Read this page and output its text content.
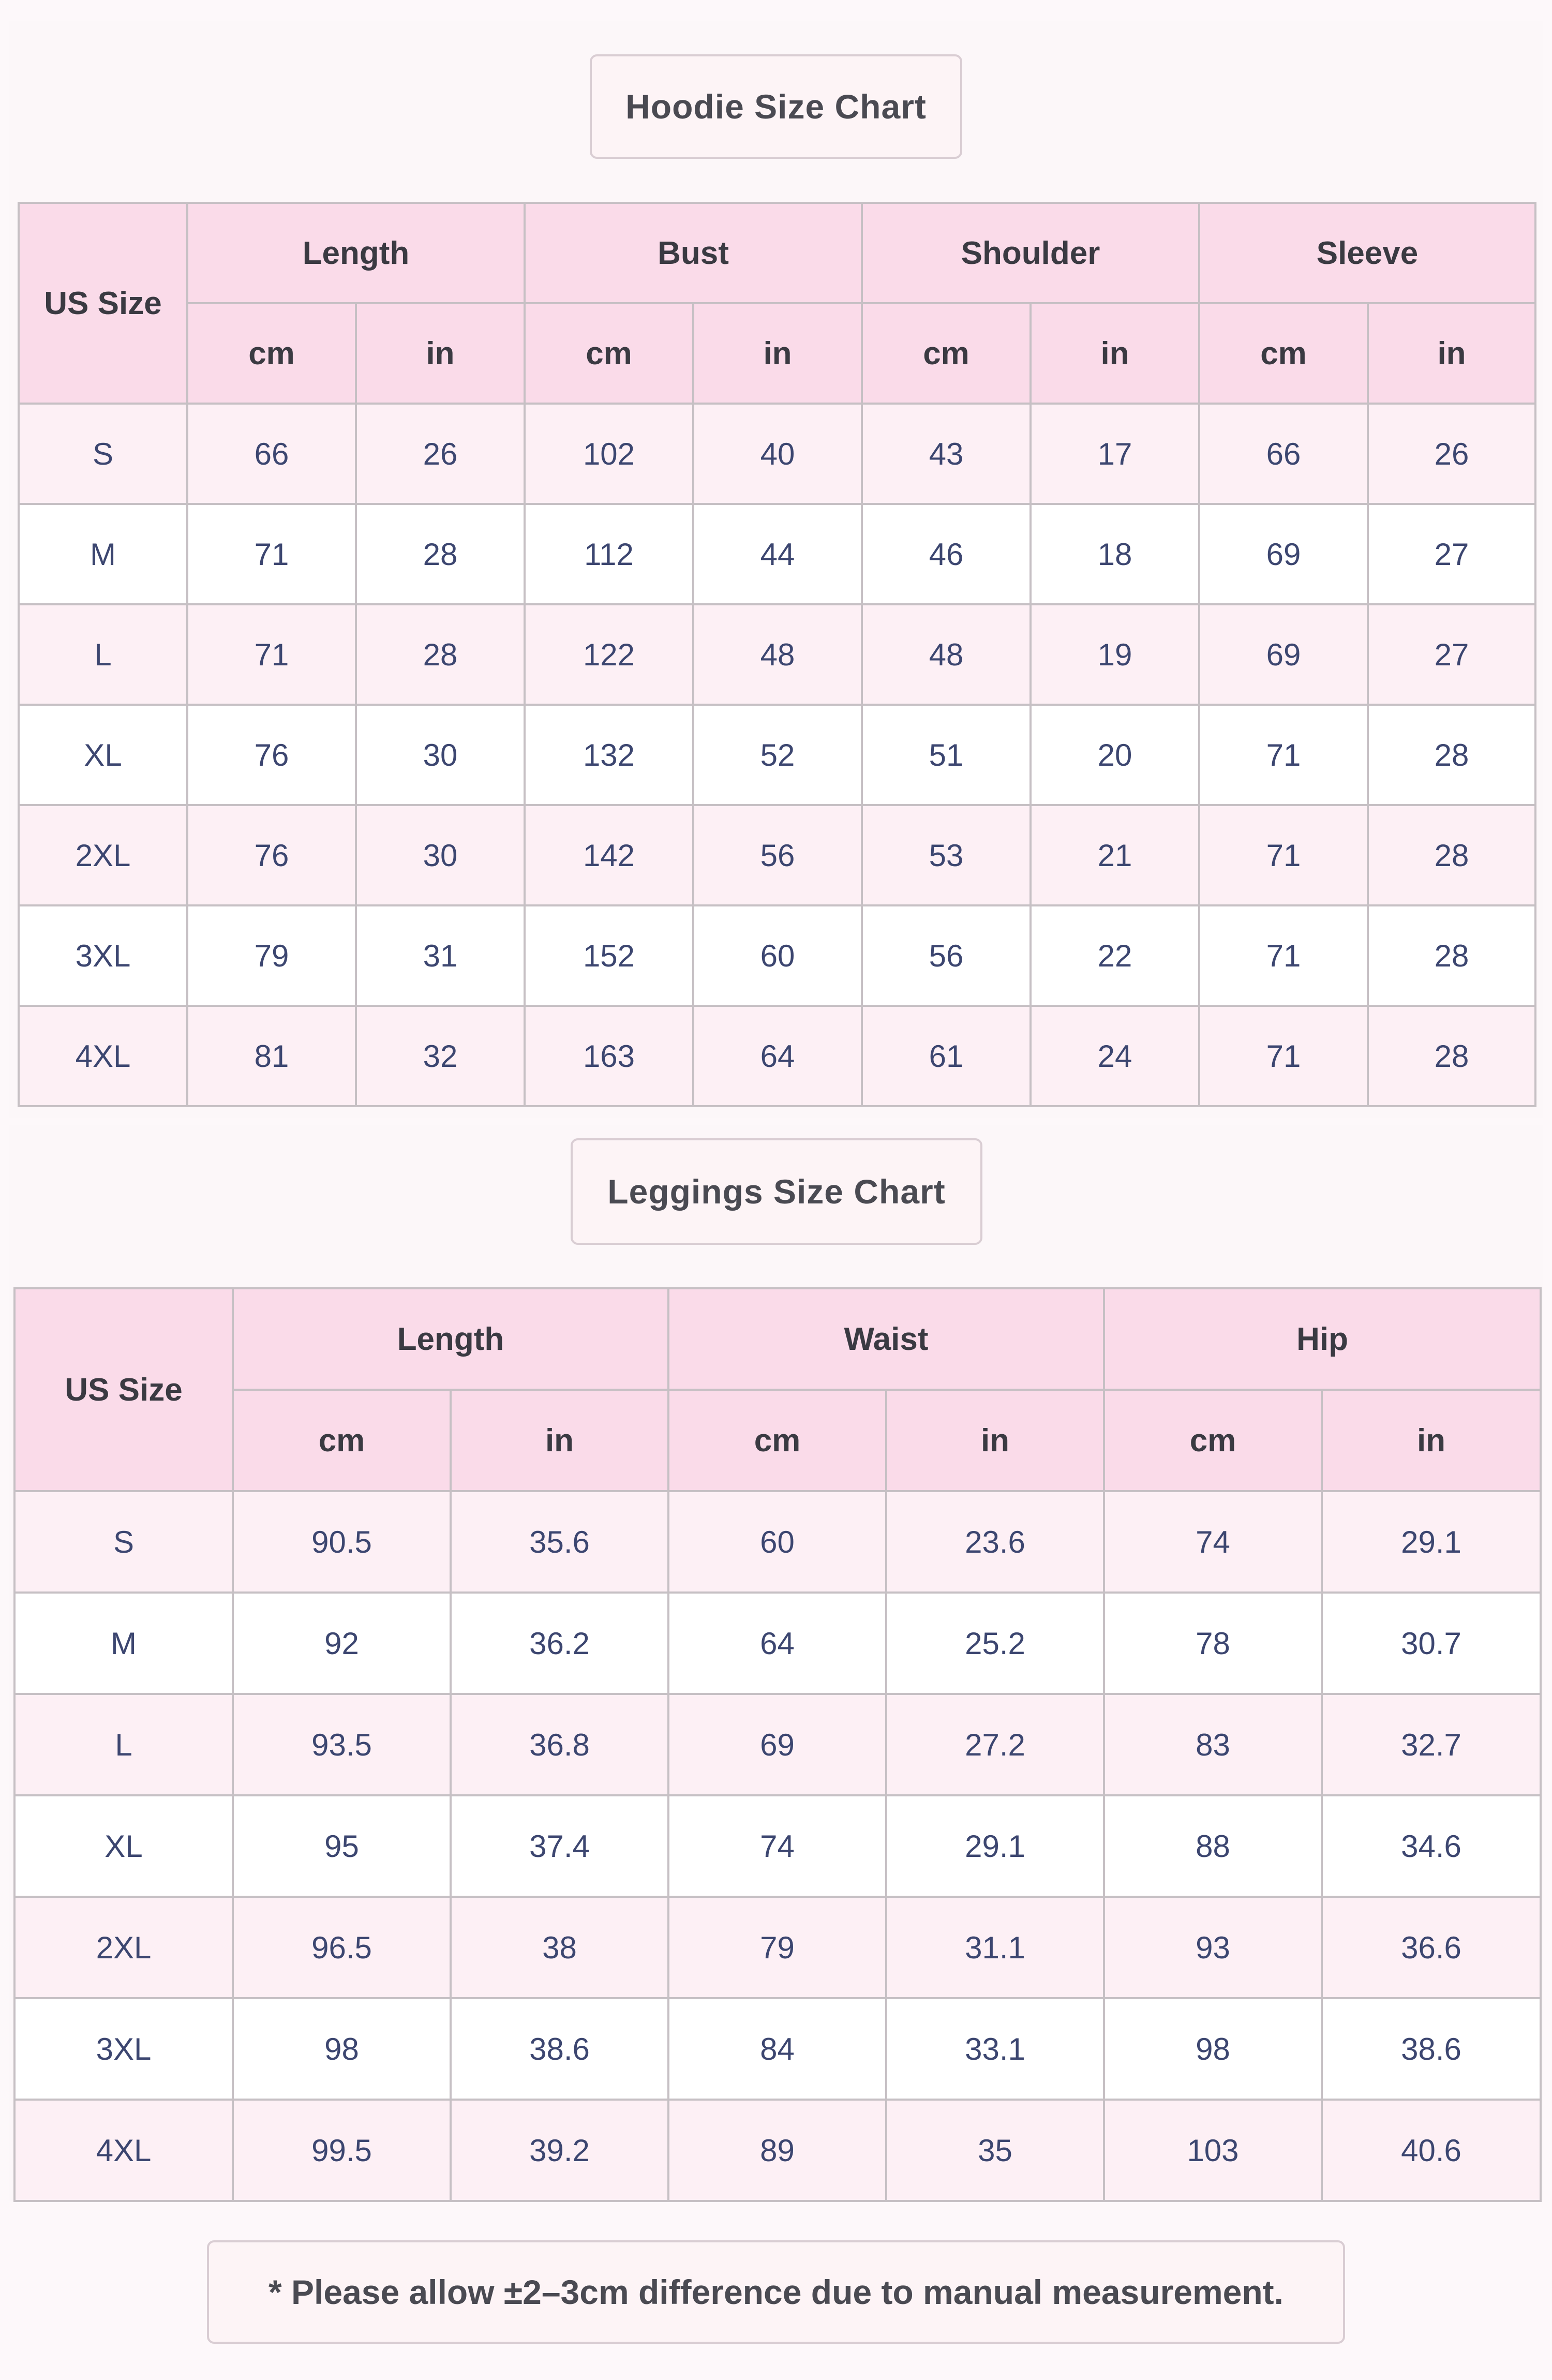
Hoodie Size Chart
US Size	Length		Bust		Shoulder		Sleeve	
	cm	in	cm	in	cm	in	cm	in
S	66	26	102	40	43	17	66	26
M	71	28	112	44	46	18	69	27
L	71	28	122	48	48	19	69	27
XL	76	30	132	52	51	20	71	28
2XL	76	30	142	56	53	21	71	28
3XL	79	31	152	60	56	22	71	28
4XL	81	32	163	64	61	24	71	28
Leggings Size Chart
US Size	Length		Waist		Hip	
	cm	in	cm	in	cm	in
S	90.5	35.6	60	23.6	74	29.1
M	92	36.2	64	25.2	78	30.7
L	93.5	36.8	69	27.2	83	32.7
XL	95	37.4	74	29.1	88	34.6
2XL	96.5	38	79	31.1	93	36.6
3XL	98	38.6	84	33.1	98	38.6
4XL	99.5	39.2	89	35	103	40.6
* Please allow ±2–3cm difference due to manual measurement.
